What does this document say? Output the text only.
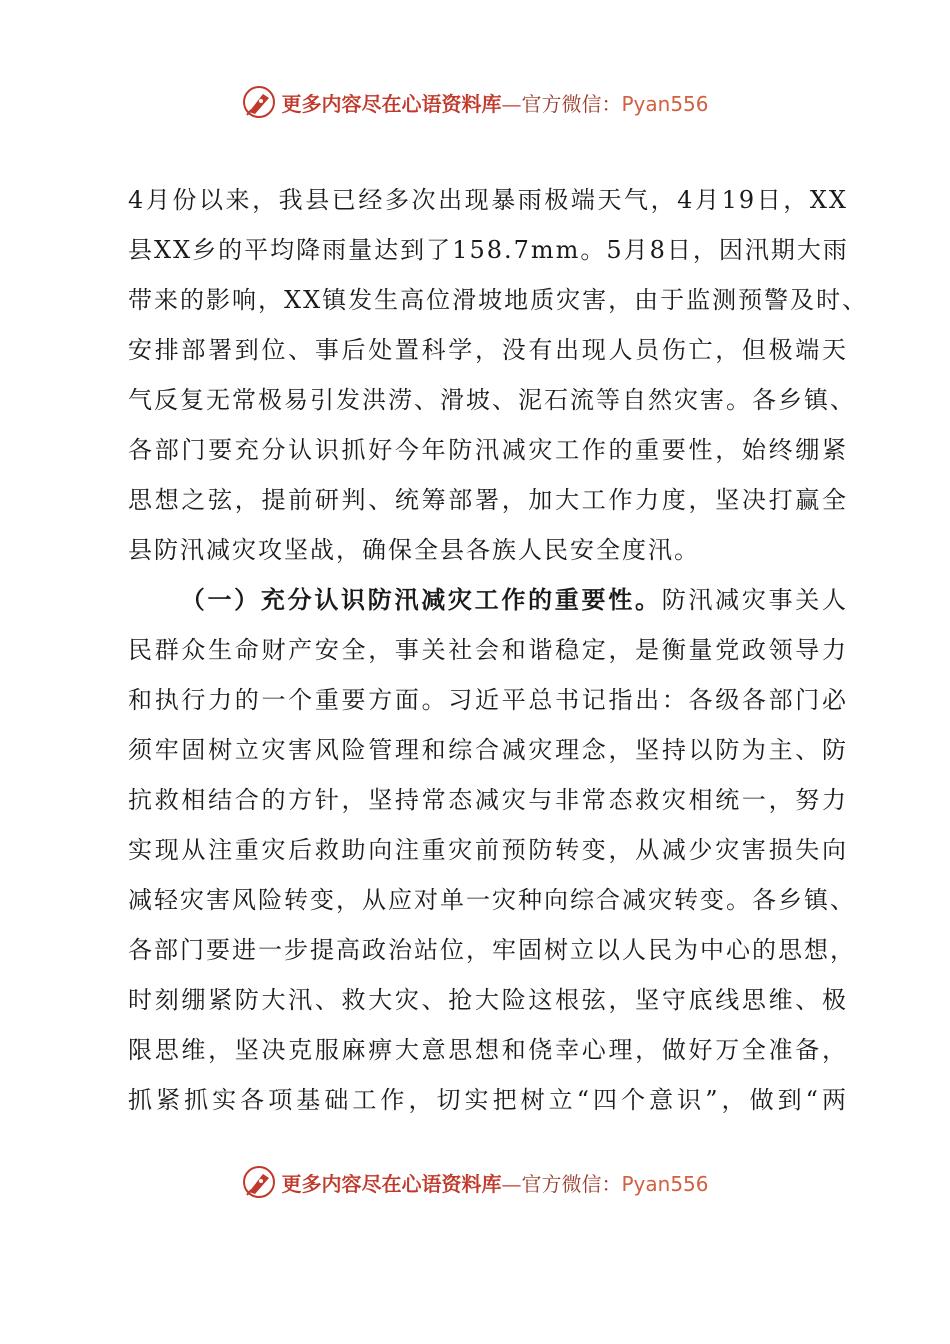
更多内容尽在心语资料库—官方微信：Pyan556
4月份以来，我县已经多次出现暴雨极端天气，4月19日，XX
县XX乡的平均降雨量达到了158.7mm。5月8日，因汛期大雨
带来的影响，XX镇发生高位滑坡地质灾害，由于监测预警及时、
安排部署到位、事后处置科学，没有出现人员伤亡，但极端天
气反复无常极易引发洪涝、滑坡、泥石流等自然灾害。各乡镇、
各部门要充分认识抓好今年防汛减灾工作的重要性，始终绷紧
思想之弦，提前研判、统筹部署，加大工作力度，坚决打赢全
县防汛减灾攻坚战，确保全县各族人民安全度汛。
（一）充分认识防汛减灾工作的重要性。防汛减灾事关人
民群众生命财产安全，事关社会和谐稳定，是衡量党政领导力
和执行力的一个重要方面。习近平总书记指出：各级各部门必
须牢固树立灾害风险管理和综合减灾理念，坚持以防为主、防
抗救相结合的方针，坚持常态减灾与非常态救灾相统一，努力
实现从注重灾后救助向注重灾前预防转变，从减少灾害损失向
减轻灾害风险转变，从应对单一灾种向综合减灾转变。各乡镇、
各部门要进一步提高政治站位，牢固树立以人民为中心的思想，
时刻绷紧防大汛、救大灾、抢大险这根弦，坚守底线思维、极
限思维，坚决克服麻痹大意思想和侥幸心理，做好万全准备，
抓紧抓实各项基础工作，切实把树立“四个意识”，做到“两
更多内容尽在心语资料库—官方微信：Pyan556
